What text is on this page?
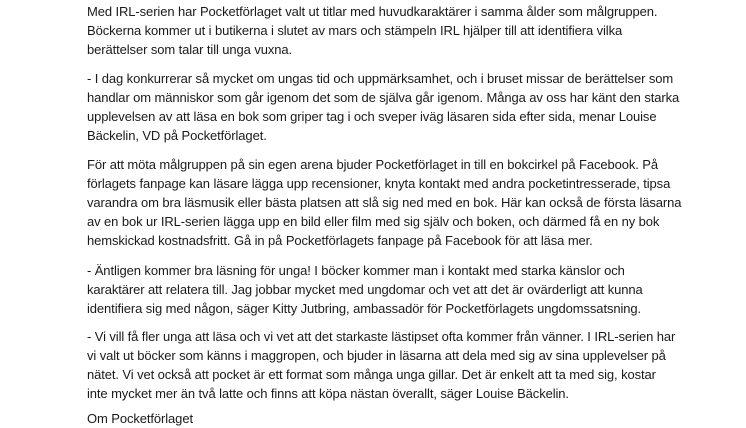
Med IRL-serien har Pocketförlaget valt ut titlar med huvudkaraktärer i samma ålder som målgruppen.
Böckerna kommer ut i butikerna i slutet av mars och stämpeln IRL hjälper till att identifiera vilka
berättelser som talar till unga vuxna.
- I dag konkurrerar så mycket om ungas tid och uppmärksamhet, och i bruset missar de berättelser som
handlar om människor som går igenom det som de själva går igenom. Många av oss har känt den starka
upplevelsen av att läsa en bok som griper tag i och sveper iväg läsaren sida efter sida, menar Louise
Bäckelin, VD på Pocketförlaget.
För att möta målgruppen på sin egen arena bjuder Pocketförlaget in till en bokcirkel på Facebook. På
förlagets fanpage kan läsare lägga upp recensioner, knyta kontakt med andra pocketintresserade, tipsa
varandra om bra läsmusik eller bästa platsen att slå sig ned med en bok. Här kan också de första läsarna
av en bok ur IRL-serien lägga upp en bild eller film med sig själv och boken, och därmed få en ny bok
hemskickad kostnadsfritt. Gå in på Pocketförlagets fanpage på Facebook för att läsa mer.
- Äntligen kommer bra läsning för unga! I böcker kommer man i kontakt med starka känslor och
karaktärer att relatera till. Jag jobbar mycket med ungdomar och vet att det är ovärderligt att kunna
identifiera sig med någon, säger Kitty Jutbring, ambassadör för Pocketförlagets ungdomssatsning.
- Vi vill få fler unga att läsa och vi vet att det starkaste lästipset ofta kommer från vänner. I IRL-serien har
vi valt ut böcker som känns i maggropen, och bjuder in läsarna att dela med sig av sina upplevelser på
nätet. Vi vet också att pocket är ett format som många unga gillar. Det är enkelt att ta med sig, kostar
inte mycket mer än två latte och finns att köpa nästan överallt, säger Louise Bäckelin.
Om Pocketförlaget
